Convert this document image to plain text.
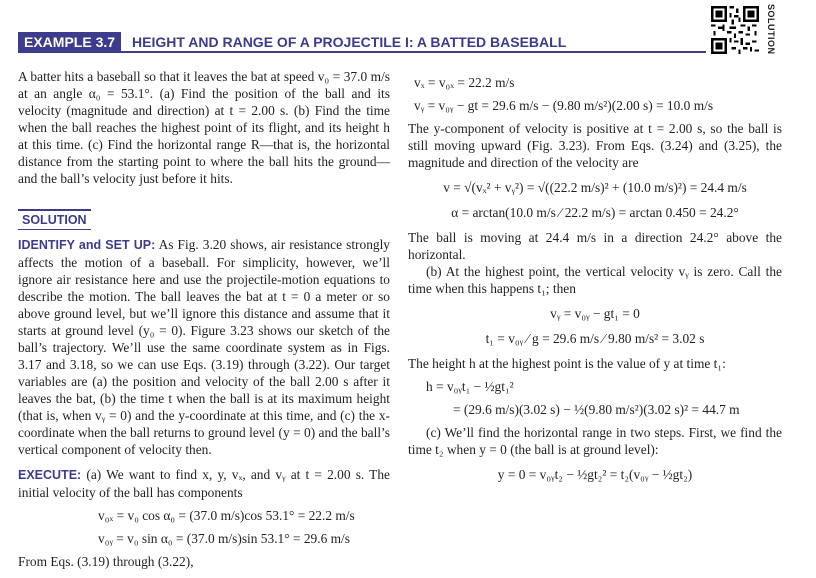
EXAMPLE 3.7	HEIGHT AND RANGE OF A PROJECTILE I: A BATTED BASEBALL	SOLUTION

A batter hits a baseball so that it leaves the bat at speed v₀ = 37.0 m/s at an angle α₀ = 53.1°. (a) Find the position of the ball and its velocity (magnitude and direction) at t = 2.00 s. (b) Find the time when the ball reaches the highest point of its flight, and its height h at this time. (c) Find the horizontal range R—that is, the horizontal distance from the starting point to where the ball hits the ground—and the ball’s velocity just before it hits.

SOLUTION

IDENTIFY and SET UP: As Fig. 3.20 shows, air resistance strongly affects the motion of a baseball. For simplicity, however, we’ll ignore air resistance here and use the projectile-motion equations to describe the motion. The ball leaves the bat at t = 0 a meter or so above ground level, but we’ll ignore this distance and assume that it starts at ground level (y₀ = 0). Figure 3.23 shows our sketch of the ball’s trajectory. We’ll use the same coordinate system as in Figs. 3.17 and 3.18, so we can use Eqs. (3.19) through (3.22). Our target variables are (a) the position and velocity of the ball 2.00 s after it leaves the bat, (b) the time t when the ball is at its maximum height (that is, when vᵧ = 0) and the y-coordinate at this time, and (c) the x-coordinate when the ball returns to ground level (y = 0) and the ball’s vertical component of velocity then.

EXECUTE: (a) We want to find x, y, vₓ, and vᵧ at t = 2.00 s. The initial velocity of the ball has components

v₀ₓ = v₀ cos α₀ = (37.0 m/s)cos 53.1° = 22.2 m/s
v₀ᵧ = v₀ sin α₀ = (37.0 m/s)sin 53.1° = 29.6 m/s

From Eqs. (3.19) through (3.22),

vₓ = v₀ₓ = 22.2 m/s
vᵧ = v₀ᵧ − gt = 29.6 m/s − (9.80 m/s²)(2.00 s) = 10.0 m/s

The y-component of velocity is positive at t = 2.00 s, so the ball is still moving upward (Fig. 3.23). From Eqs. (3.24) and (3.25), the magnitude and direction of the velocity are

v = √(vₓ² + vᵧ²) = √((22.2 m/s)² + (10.0 m/s)²) = 24.4 m/s
α = arctan(10.0 m/s ⁄ 22.2 m/s) = arctan 0.450 = 24.2°

The ball is moving at 24.4 m/s in a direction 24.2° above the horizontal.

(b) At the highest point, the vertical velocity vᵧ is zero. Call the time when this happens t₁; then

vᵧ = v₀ᵧ − gt₁ = 0
t₁ = v₀ᵧ ⁄ g = 29.6 m/s ⁄ 9.80 m/s² = 3.02 s

The height h at the highest point is the value of y at time t₁:

h = v₀ᵧt₁ − ½gt₁²
= (29.6 m/s)(3.02 s) − ½(9.80 m/s²)(3.02 s)² = 44.7 m

(c) We’ll find the horizontal range in two steps. First, we find the time t₂ when y = 0 (the ball is at ground level):

y = 0 = v₀ᵧt₂ − ½gt₂² = t₂(v₀ᵧ − ½gt₂)
